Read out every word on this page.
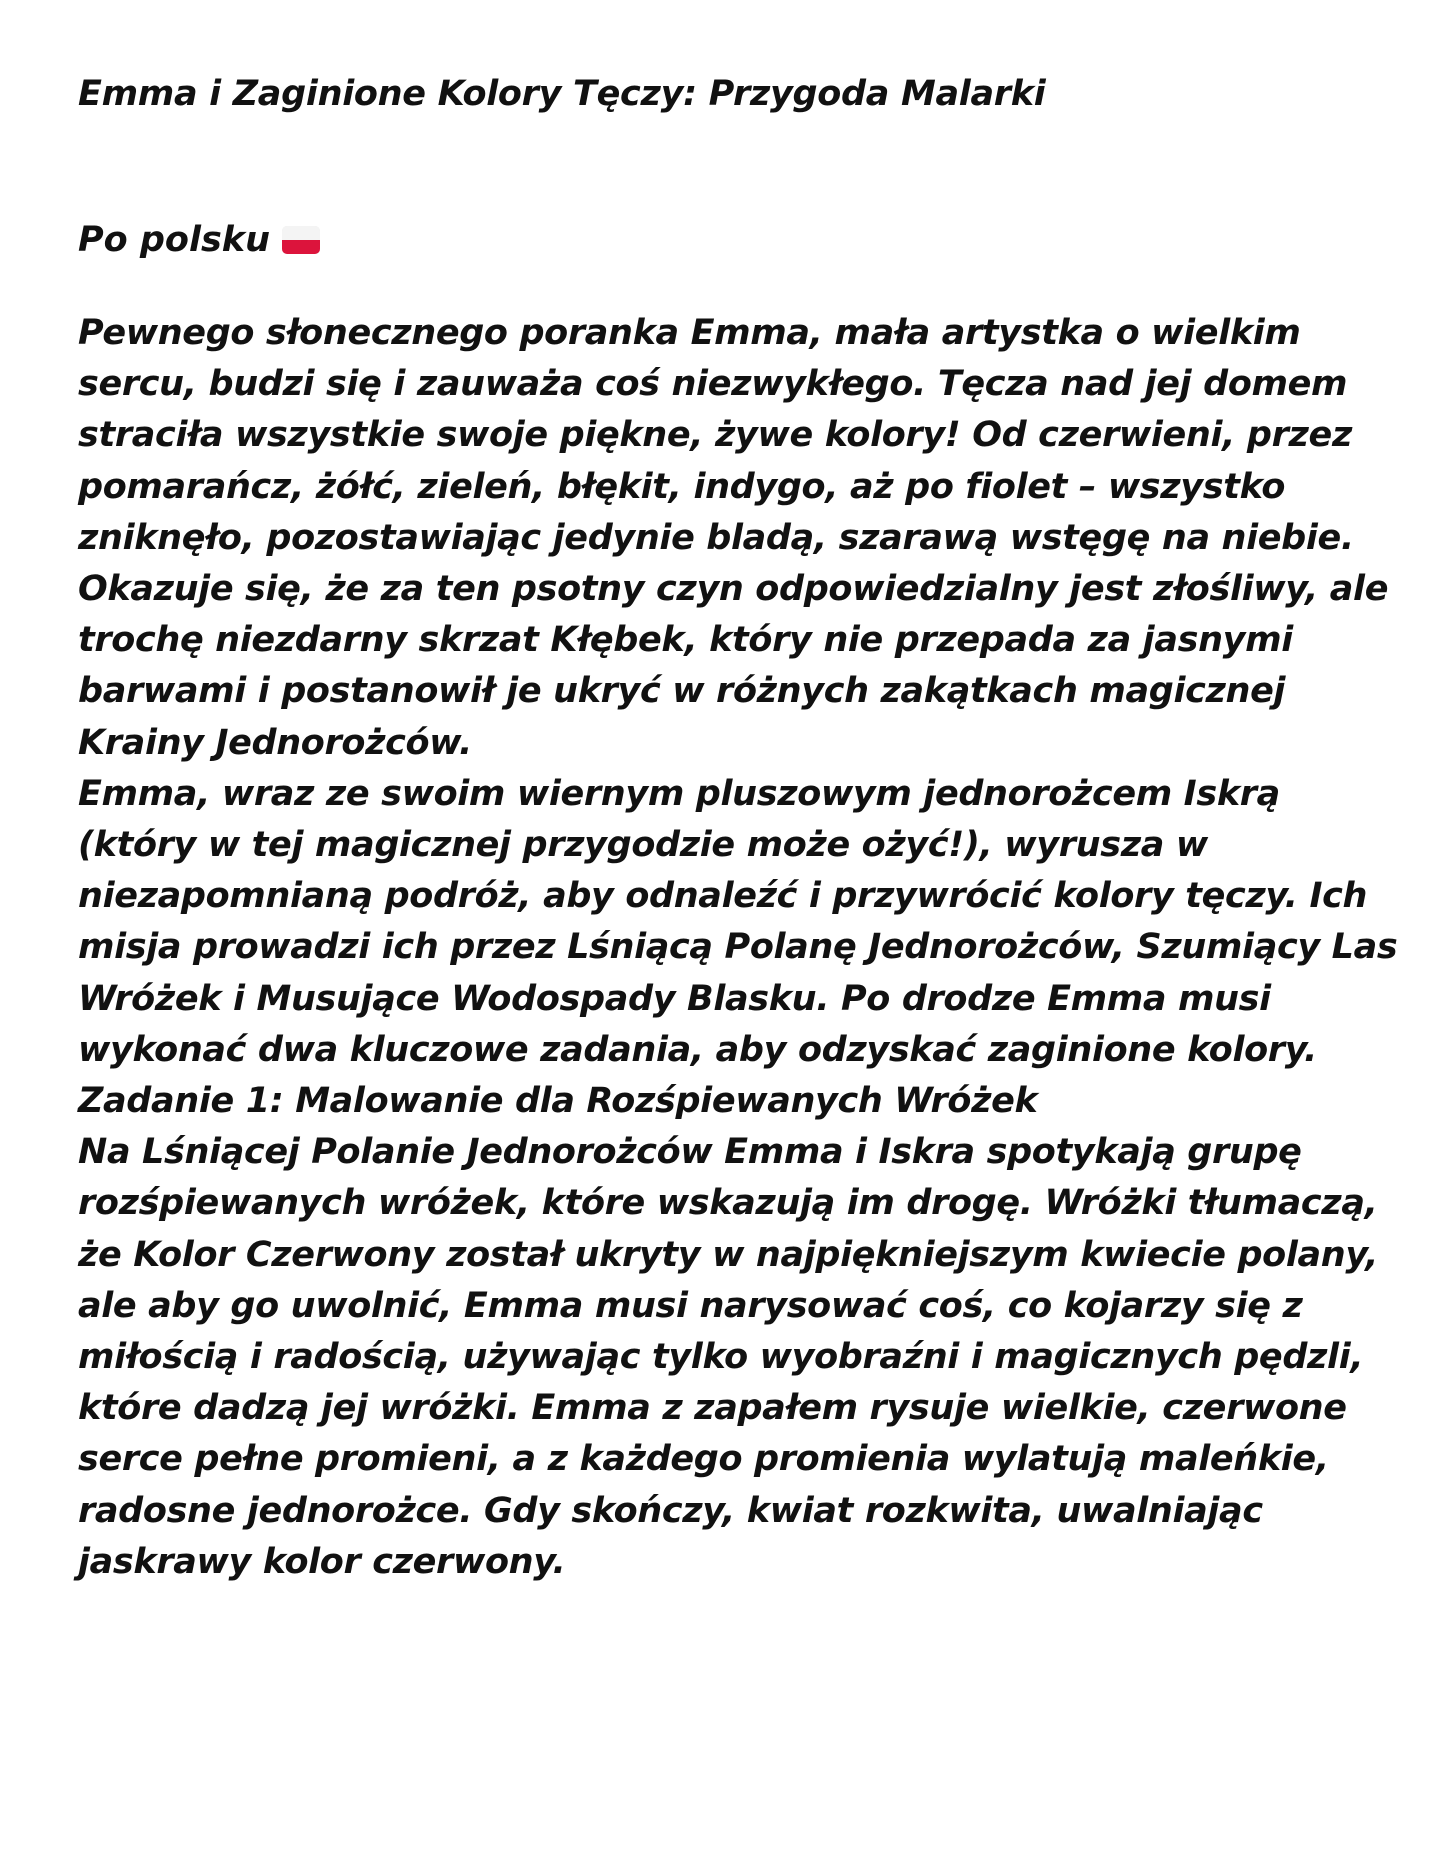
Emma i Zaginione Kolory Tęczy: Przygoda Malarki
Po polsku

Pewnego słonecznego poranka Emma, mała artystka o wielkim sercu, budzi się i zauważa coś niezwykłego. Tęcza nad jej domem straciła wszystkie swoje piękne, żywe kolory! Od czerwieni, przez pomarańcz, żółć, zieleń, błękit, indygo, aż po fiolet – wszystko zniknęło, pozostawiając jedynie bladą, szarawą wstęgę na niebie.

Okazuje się, że za ten psotny czyn odpowiedzialny jest złośliwy, ale trochę niezdarny skrzat Kłębek, który nie przepada za jasnymi barwami i postanowił je ukryć w różnych zakątkach magicznej Krainy Jednorożców.

Emma, wraz ze swoim wiernym pluszowym jednorożcem Iskrą (który w tej magicznej przygodzie może ożyć!), wyrusza w niezapomnianą podróż, aby odnaleźć i przywrócić kolory tęczy. Ich misja prowadzi ich przez Lśniącą Polanę Jednorożców, Szumiący Las Wróżek i Musujące Wodospady Blasku. Po drodze Emma musi wykonać dwa kluczowe zadania, aby odzyskać zaginione kolory.

Zadanie 1: Malowanie dla Rozśpiewanych Wróżek

Na Lśniącej Polanie Jednorożców Emma i Iskra spotykają grupę rozśpiewanych wróżek, które wskazują im drogę. Wróżki tłumaczą, że Kolor Czerwony został ukryty w najpiękniejszym kwiecie polany, ale aby go uwolnić, Emma musi narysować coś, co kojarzy się z miłością i radością, używając tylko wyobraźni i magicznych pędzli, które dadzą jej wróżki. Emma z zapałem rysuje wielkie, czerwone serce pełne promieni, a z każdego promienia wylatują maleńkie, radosne jednorożce. Gdy skończy, kwiat rozkwita, uwalniając jaskrawy kolor czerwony.
